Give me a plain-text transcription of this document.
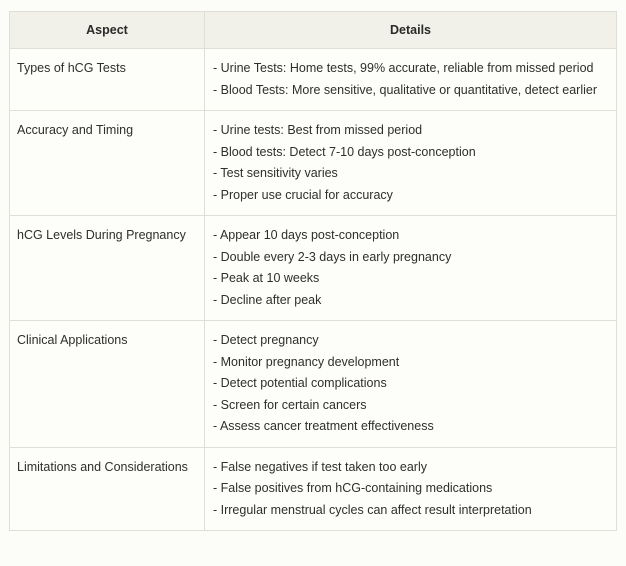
Aspect	Details
Types of hCG Tests	- Urine Tests: Home tests, 99% accurate, reliable from missed period
- Blood Tests: More sensitive, qualitative or quantitative, detect earlier

Accuracy and Timing	- Urine tests: Best from missed period
- Blood tests: Detect 7-10 days post-conception
- Test sensitivity varies
- Proper use crucial for accuracy

hCG Levels During Pregnancy	- Appear 10 days post-conception
- Double every 2-3 days in early pregnancy
- Peak at 10 weeks
- Decline after peak

Clinical Applications	- Detect pregnancy
- Monitor pregnancy development
- Detect potential complications
- Screen for certain cancers
- Assess cancer treatment effectiveness

Limitations and Considerations	- False negatives if test taken too early
- False positives from hCG-containing medications
- Irregular menstrual cycles can affect result interpretation
